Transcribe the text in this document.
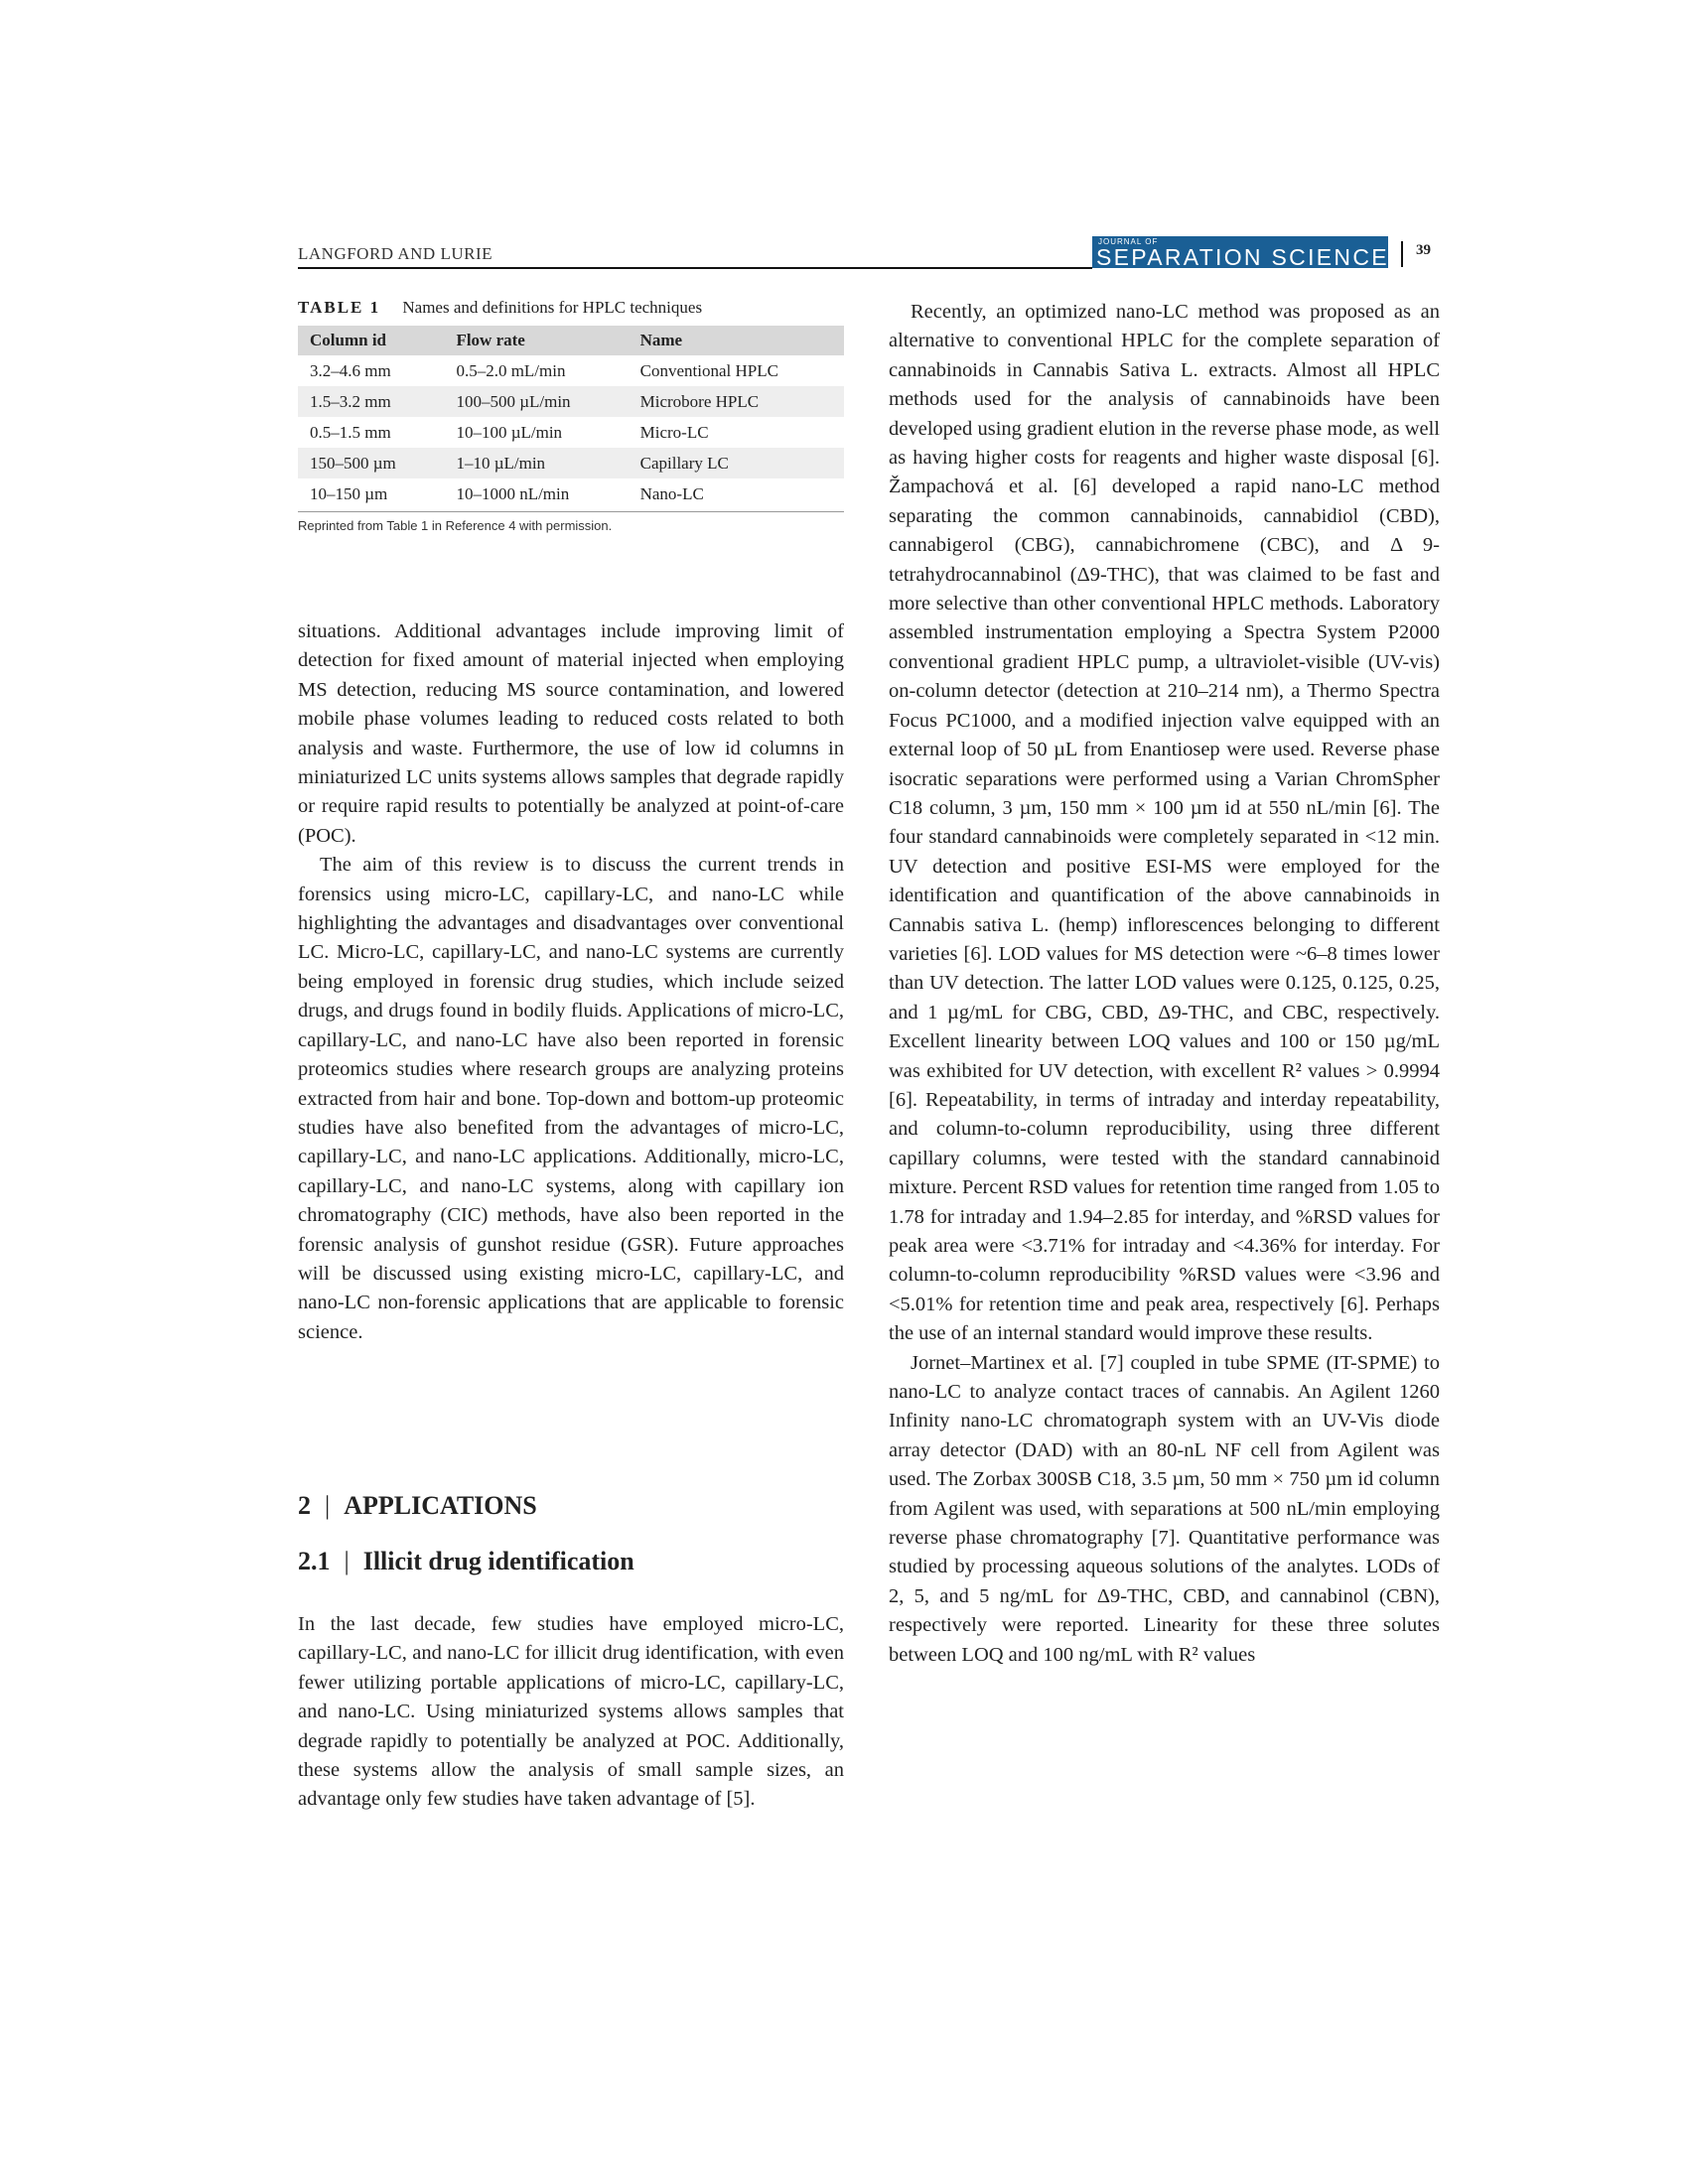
LANGFORD AND LURIE
JOURNAL OF
SEPARATION SCIENCE 39
TABLE 1 Names and definitions for HPLC techniques
Column id	Flow rate	Name
3.2–4.6 mm	0.5–2.0 mL/min	Conventional HPLC
1.5–3.2 mm	100–500 µL/min	Microbore HPLC
0.5–1.5 mm	10–100 µL/min	Micro-LC
150–500 µm	1–10 µL/min	Capillary LC
10–150 µm	10–1000 nL/min	Nano-LC
Reprinted from Table 1 in Reference 4 with permission.

situations. Additional advantages include improving limit of detection for fixed amount of material injected when employing MS detection, reducing MS source contamination, and lowered mobile phase volumes leading to reduced costs related to both analysis and waste. Furthermore, the use of low id columns in miniaturized LC units systems allows samples that degrade rapidly or require rapid results to potentially be analyzed at point-of-care (POC).

The aim of this review is to discuss the current trends in forensics using micro-LC, capillary-LC, and nano-LC while highlighting the advantages and disadvantages over conventional LC. Micro-LC, capillary-LC, and nano-LC systems are currently being employed in forensic drug studies, which include seized drugs, and drugs found in bodily fluids. Applications of micro-LC, capillary-LC, and nano-LC have also been reported in forensic proteomics studies where research groups are analyzing proteins extracted from hair and bone. Top-down and bottom-up proteomic studies have also benefited from the advantages of micro-LC, capillary-LC, and nano-LC applications. Additionally, micro-LC, capillary-LC, and nano-LC systems, along with capillary ion chromatography (CIC) methods, have also been reported in the forensic analysis of gunshot residue (GSR). Future approaches will be discussed using existing micro-LC, capillary-LC, and nano-LC non-forensic applications that are applicable to forensic science.

2 | APPLICATIONS
2.1 | Illicit drug identification

In the last decade, few studies have employed micro-LC, capillary-LC, and nano-LC for illicit drug identification, with even fewer utilizing portable applications of micro-LC, capillary-LC, and nano-LC. Using miniaturized systems allows samples that degrade rapidly to potentially be analyzed at POC. Additionally, these systems allow the analysis of small sample sizes, an advantage only few studies have taken advantage of [5].

Recently, an optimized nano-LC method was proposed as an alternative to conventional HPLC for the complete separation of cannabinoids in Cannabis Sativa L. extracts. Almost all HPLC methods used for the analysis of cannabinoids have been developed using gradient elution in the reverse phase mode, as well as having higher costs for reagents and higher waste disposal [6]. Žampachová et al. [6] developed a rapid nano-LC method separating the common cannabinoids, cannabidiol (CBD), cannabigerol (CBG), cannabichromene (CBC), and Δ 9-tetrahydrocannabinol (Δ9-THC), that was claimed to be fast and more selective than other conventional HPLC methods. Laboratory assembled instrumentation employing a Spectra System P2000 conventional gradient HPLC pump, a ultraviolet-visible (UV-vis) on-column detector (detection at 210–214 nm), a Thermo Spectra Focus PC1000, and a modified injection valve equipped with an external loop of 50 µL from Enantiosep were used. Reverse phase isocratic separations were performed using a Varian ChromSpher C18 column, 3 µm, 150 mm × 100 µm id at 550 nL/min [6]. The four standard cannabinoids were completely separated in <12 min. UV detection and positive ESI-MS were employed for the identification and quantification of the above cannabinoids in Cannabis sativa L. (hemp) inflorescences belonging to different varieties [6]. LOD values for MS detection were ~6–8 times lower than UV detection. The latter LOD values were 0.125, 0.125, 0.25, and 1 µg/mL for CBG, CBD, Δ9-THC, and CBC, respectively. Excellent linearity between LOQ values and 100 or 150 µg/mL was exhibited for UV detection, with excellent R² values > 0.9994 [6]. Repeatability, in terms of intraday and interday repeatability, and column-to-column reproducibility, using three different capillary columns, were tested with the standard cannabinoid mixture. Percent RSD values for retention time ranged from 1.05 to 1.78 for intraday and 1.94–2.85 for interday, and %RSD values for peak area were <3.71% for intraday and <4.36% for interday. For column-to-column reproducibility %RSD values were <3.96 and <5.01% for retention time and peak area, respectively [6]. Perhaps the use of an internal standard would improve these results.

Jornet–Martinex et al. [7] coupled in tube SPME (IT-SPME) to nano-LC to analyze contact traces of cannabis. An Agilent 1260 Infinity nano-LC chromatograph system with an UV-Vis diode array detector (DAD) with an 80-nL NF cell from Agilent was used. The Zorbax 300SB C18, 3.5 µm, 50 mm × 750 µm id column from Agilent was used, with separations at 500 nL/min employing reverse phase chromatography [7]. Quantitative performance was studied by processing aqueous solutions of the analytes. LODs of 2, 5, and 5 ng/mL for Δ9-THC, CBD, and cannabinol (CBN), respectively were reported. Linearity for these three solutes between LOQ and 100 ng/mL with R² values
